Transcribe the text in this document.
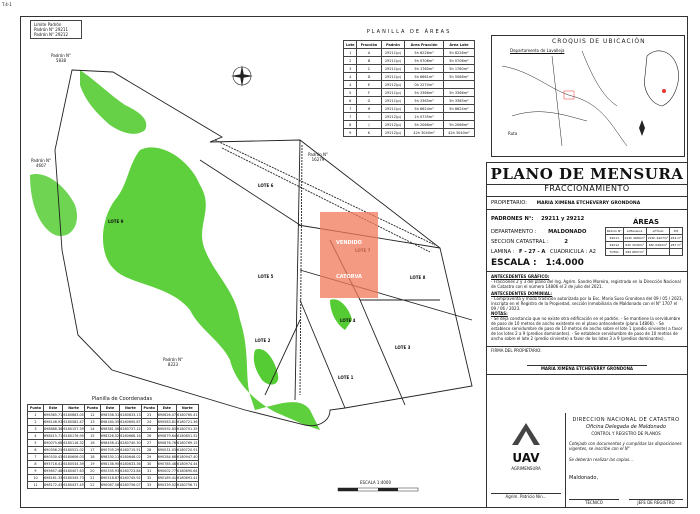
T.4-1
Límite Padrón
Padrón N° 29211
Padrón N° 29212
Padrón N° 5838
Padrón N° 4607
Padrón N° 16279
Padrón N° 8223
LOTE 1
LOTE 2
LOTE 3
LOTE 4
LOTE 5
LOTE 6
LOTE 8
LOTE 9
ESCALA 1:4000
VENDIDO
CATORVA
PLANILLA DE ÁREAS
Lote	Fracción	Padrón	Área Fracción	Área Lote
1	A	29211(p)	5h 6226m²	5h 6226m²
2	B	29211(p)	5h 0706m²	5h 0706m²
3	C	29211(p)	5h 1760m²	5h 1760m²
4	D	29211(p)	5h 6661m²	5h 5568m²
4	E	29212(p)	0h 2270m²	
5	F	29211(p)	5h 3366m²	5h 3366m²
6	G	29211(p)	5h 3365m²	5h 3365m²
7	H	29211(p)	5h 6624m²	5h 6624m²
7	I	29212(p)	1h 0735m²	
8	J	29212(p)	5h 2066m²	5h 2066m²
9	K	29212(p)	42h 3040m²	42h 3040m²
CROQUIS DE UBICACIÓN
Departamento de Lavalleja
Ruta
Planilla de Coordenadas
Punto	Este	Norte	Punto	Este	Norte	Punto	Este	Norte
1	696365.71	6180663.05	12	698336.31	6180633.13	23	690626.07	6180760.41
2	698146.93	6180582.47	13	698184.35	6180690.87	24	690583.81	6180721.36
3	698888.36	6180157.39	14	698381.56	6180737.12	25	690592.83	6180701.35
4	698415.71	6180176.95	15	698326.52	6180668.16	26	690879.64	6180651.52
5	690075.68	6180116.32	16	698458.41	6180740.30	27	690876.76	6180769.15
6	690356.25	6180522.02	17	690705.29	6180715.51	28	690031.03	6180720.91
7	690330.43	6180606.03	18	698330.11	6180646.02	29	690284.68	6180947.40
8	695716.41	6180534.39	19	698136.90	6180633.36	30	690785.48	6180974.44
9	695657.48	6180407.63	20	690335.93	6180723.84	31	690002.77	6180690.64
10	698161.33	6180345.73	21	690318.87	6180745.92	32	690189.41	6180691.41
11	698172.43	6180437.45	22	690087.58	6180756.07	33	690339.02	6180756.71
PLANO DE MENSURA
FRACCIONAMIENTO
PROPIETARIO: MARIA XIMENA ETCHEVERRY GRONDONA
PADRONES N°: 29211 y 29212
DEPARTAMENTO : MALDONADO
SECCION CATASTRAL :	2
LAMINA : F - 27 - A CUADRICULA : A2
ESCALA : 1:4.000
ÁREAS
Padrón N°	s/Mensura	s/Título	Dif.
29211	224h 4684m²	224h 4427m²	254 m²
29212	64h 3249m²	64h 0462m²	287 m²
TOTAL	289 6837m²		
ANTECEDENTES GRÁFICO:
- Fracciones 2 y 3 del plano del Ing. Agrim. Sandro Moreira, registrado en la Dirección Nacional de Catastro con el número 14806 el 2 de julio del 2021.
ANTECEDENTES DOMINIAL:
- Compraventa y modo tradición autorizada por la Esc. Mario Suso Grondona del 09 / 05 / 2023, inscripta en el Registro de la Propiedad, sección Inmobiliaria de Maldonado con el N° 1707 el 09 / 06 / 2023.
NOTAS:
- Se deja constancia que no existe otra edificación en el padrón. - Se mantiene la servidumbre de paso de 10 metros de ancho existente en el plano antecedente (plano 14806). - Se establece servidumbre de paso de 10 metros de ancho sobre el lote 1 (predio sirviente) a favor de los lotes 2 a 9 (predios dominantes). - Se establece servidumbre de paso de 10 metros de ancho sobre el lote 2 (predio sirviente) a favor de los lotes 3 a 9 (predios dominantes).
FIRMA DEL PROPIETARIO:
MARIA XIMENA ETCHEVERRY GRONDONA
UAV
AGRIMENSURA
Agrim. Patricio Nin...
DIRECCION NACIONAL DE CATASTRO
Oficina Delegada de Maldonado
CONTROL Y REGISTRO DE PLANOS
Cotejado con documentos y cumplidas las disposiciones vigentes, se inscribe con el N°
Se deberán realizar las copias...
Maldonado,
TÉCNICO	JEFE DE REGISTRO
